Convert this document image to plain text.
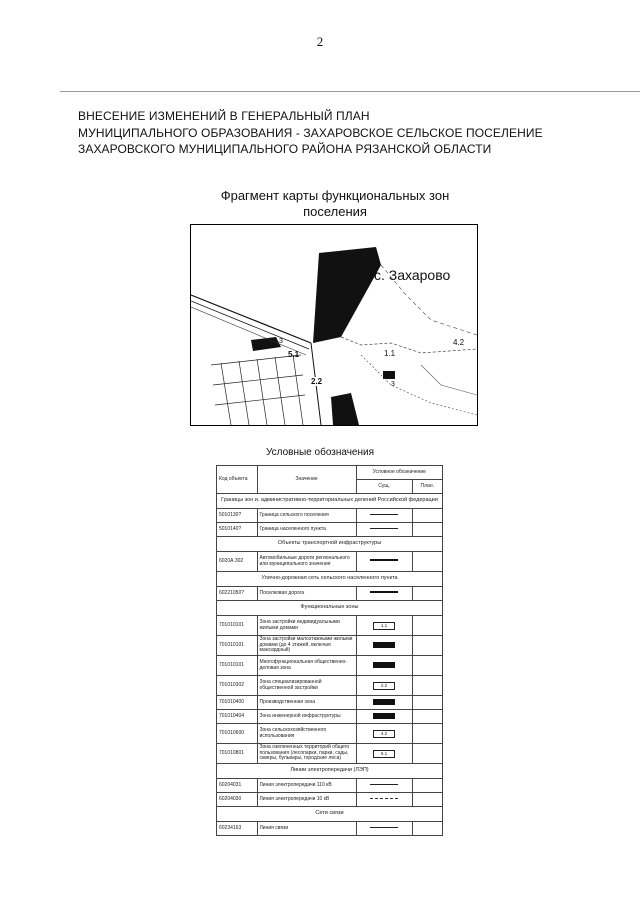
2
ВНЕСЕНИЕ ИЗМЕНЕНИЙ В ГЕНЕРАЛЬНЫЙ ПЛАН
МУНИЦИПАЛЬНОГО ОБРАЗОВАНИЯ - ЗАХАРОВСКОЕ СЕЛЬСКОЕ ПОСЕЛЕНИЕ
ЗАХАРОВСКОГО МУНИЦИПАЛЬНОГО РАЙОНА РЯЗАНСКОЙ ОБЛАСТИ
Фрагмент карты функциональных зон
поселения
с. Захарово
5.1
2.2
1.1
3
4.2
3
Условные обозначения
Код объекта	Значение	Условное обозначение	
		Сущ.	План.
Границы зон и. административно-территориальных делений Российской федерации			
5010130?	Граница сельского поселения		
5010140?	Граница населенного пункта		
Объекты транспортной инфраструктуры			
6020А 302	Автомобильные дороги регионального или муниципального значения		
Улично-дорожная сеть сельского населенного пункта			
60221050?	Поселковая дорога		
Функциональные зоны			
701010101	Зона застройки индивидуальными жилыми домами	1.1	
701010101	Зона застройки малоэтажными жилыми домами (до 4 этажей, включая мансардный)		
701010101	Многофункциональная общественно-деловая зона		
701010302	Зона специализированной общественной застройки	2.2	
701010400	Производственная зона		
701010404	Зона инженерной инфраструктуры		
701010600	Зона сельскохозяйственного использования	4.2	
701010801	Зона озелененных территорий общего пользования (лесопарки, парки, сады, скверы, бульвары, городские леса)	5.1	
Линии электропередачи (ЛЭП)			
60204031	Линия электропередачи 110 кВ		
60204030	Линия электропередачи 10 кВ		
Сети связи			
60234163	Линия связи		
